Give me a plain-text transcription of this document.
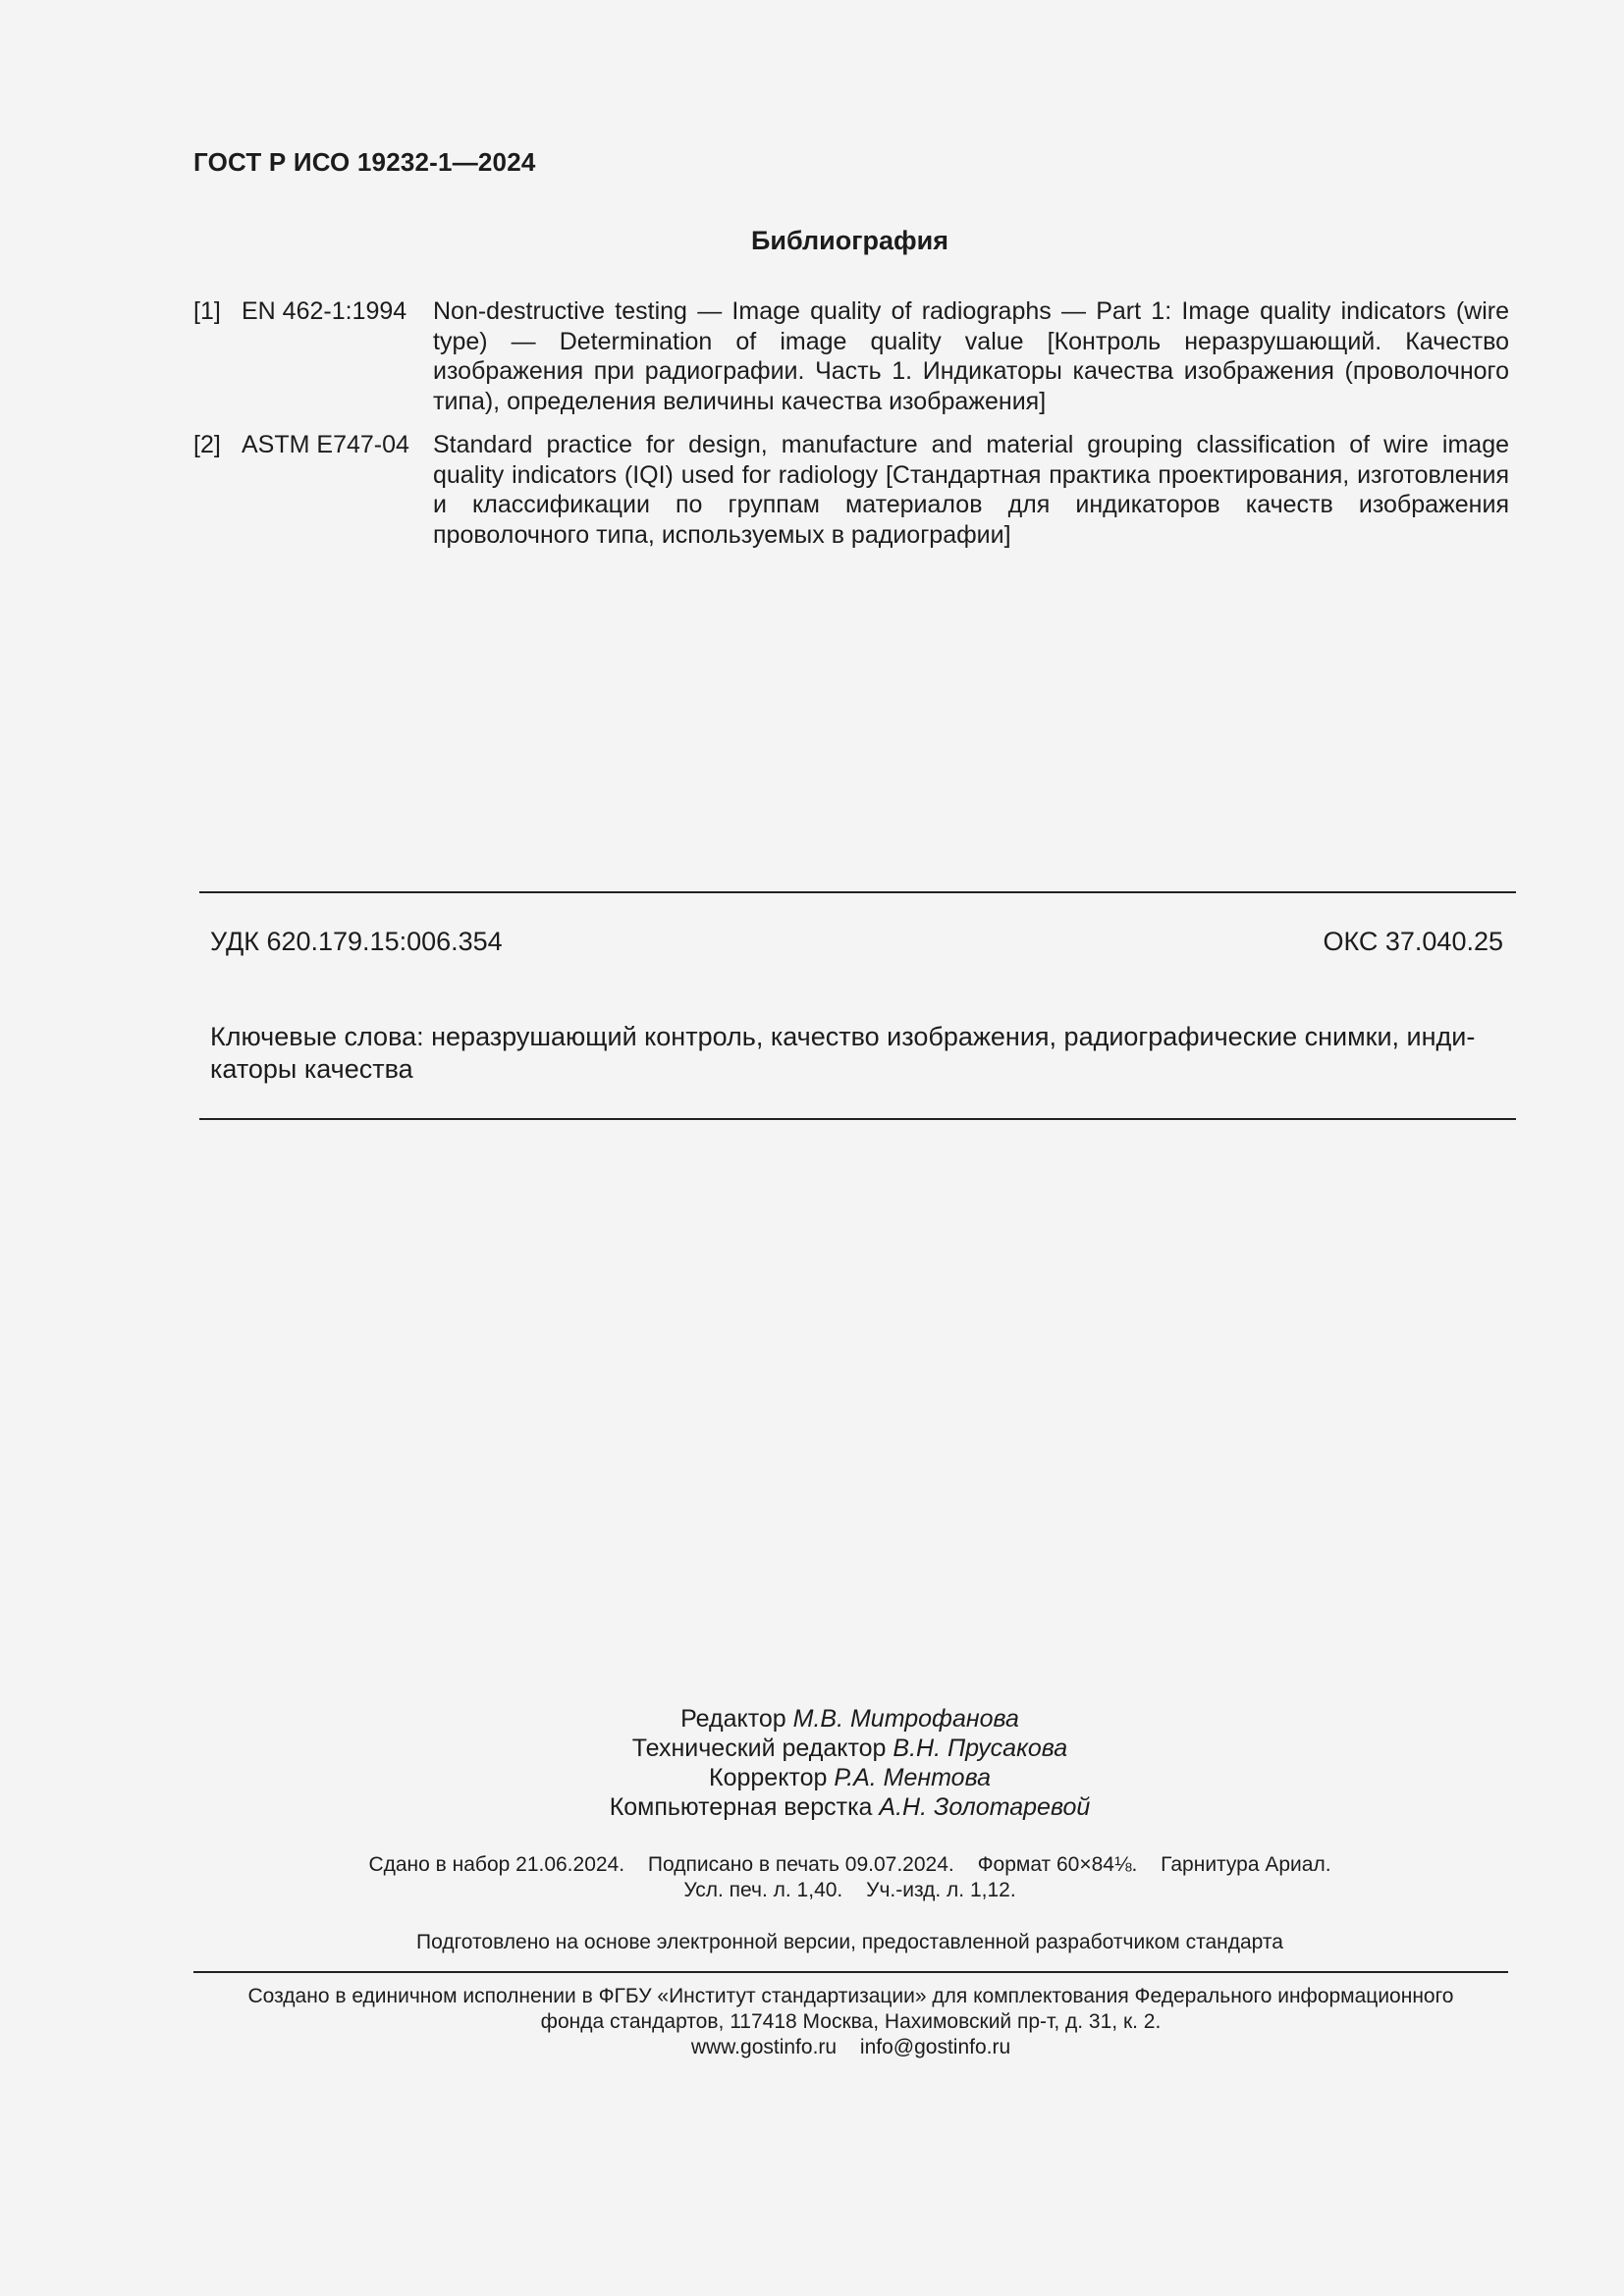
ГОСТ Р ИСО 19232-1—2024
Библиография
[1] EN 462-1:1994	Non-destructive testing — Image quality of radiographs — Part 1: Image quality indicators (wire type) — Determination of image quality value [Контроль неразрушающий. Качество изображения при радиографии. Часть 1. Индикаторы качества изображения (проволочного типа), определения величины качества изображения]
[2] ASTM E747-04 Standard practice for design, manufacture and material grouping classification of wire image quality indicators (IQI) used for radiology [Стандартная практика проектирования, изготовления и классификации по группам материалов для индикаторов качеств изображения проволочного типа, используемых в радиографии]
УДК 620.179.15:006.354	ОКС 37.040.25
Ключевые слова: неразрушающий контроль, качество изображения, радиографические снимки, инди-
каторы качества
Редактор М.В. Митрофанова
Технический редактор В.Н. Прусакова
Корректор Р.А. Ментова
Компьютерная верстка А.Н. Золотаревой
Сдано в набор 21.06.2024. Подписано в печать 09.07.2024. Формат 60×84⅛. Гарнитура Ариал.
Усл. печ. л. 1,40. Уч.-изд. л. 1,12.
Подготовлено на основе электронной версии, предоставленной разработчиком стандарта
Создано в единичном исполнении в ФГБУ «Институт стандартизации» для комплектования Федерального информационного
фонда стандартов, 117418 Москва, Нахимовский пр-т, д. 31, к. 2.
www.gostinfo.ru info@gostinfo.ru
